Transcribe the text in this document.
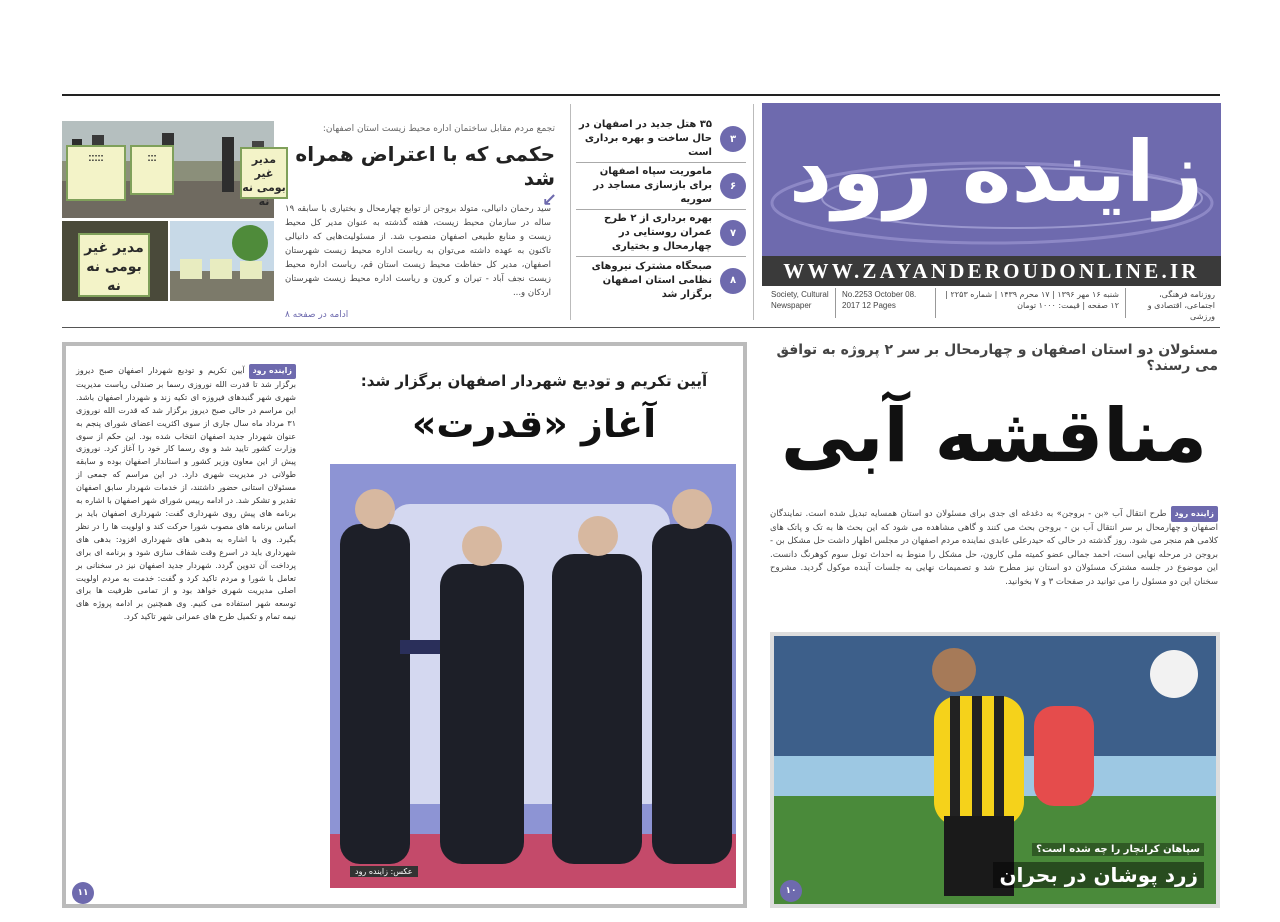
زاینده رود
WWW.ZAYANDEROUDONLINE.IR
روزنامه فرهنگی، اجتماعی، اقتصادی و ورزشی
شنبه ۱۶ مهر ۱۳۹۶ | ۱۷ محرم ۱۴۳۹ | شماره ۲۲۵۳ | ۱۲ صفحه | قیمت: ۱۰۰۰ تومان
No.2253 October 08. 2017 12 Pages
Society, Cultural Newspaper
۳
۳۵ هتل جدید در اصفهان در حال ساخت و بهره برداری است
۶
ماموریت سپاه اصفهان برای بازسازی مساجد در سوریه
۷
بهره برداری از ۲ طرح عمران روستایی در چهارمحال و بختیاری
۸
صبحگاه مشترک نیروهای نظامی استان اصفهان برگزار شد
تجمع مردم مقابل ساختمان اداره محیط زیست استان اصفهان:
حکمی که با اعتراض همراه شد
↙
سید رحمان دانیالی، متولد بروجن از توابع چهارمحال و بختیاری با سابقه ۱۹ ساله در سازمان محیط زیست، هفته گذشته به عنوان مدیر کل محیط زیست و منابع طبیعی اصفهان منصوب شد. از مسئولیت‌هایی که دانیالی تاکنون به عهده داشته می‌توان به ریاست اداره محیط زیست شهرستان اصفهان، مدیر کل حفاظت محیط زیست استان قم، ریاست اداره محیط زیست نجف آباد - تیران و کرون و ریاست اداره محیط زیست شهرستان اردکان و...
ادامه در صفحه ۸
⁚⁚⁚⁚⁚	⁚⁚⁚	مدیر غیر بومی نه نه
مدیر غیر بومی نه نه
مسئولان دو استان اصفهان و چهارمحال بر سر ۲ پروژه به توافق می رسند؟
مناقشه آبی
زاینده رودطرح انتقال آب «بن - بروجن» به دغدغه ای جدی برای مسئولان دو استان همسایه تبدیل شده است. نمایندگان اصفهان و چهارمحال بر سر انتقال آب بن - بروجن بحث می کنند و گاهی مشاهده می شود که این بحث ها به تک و پاتک های کلامی هم منجر می شود. روز گذشته در حالی که حیدرعلی عابدی نماینده مردم اصفهان در مجلس اظهار داشت حل مشکل بن - بروجن در مرحله نهایی است، احمد جمالی عضو کمیته ملی کارون، حل مشکل را منوط به احداث تونل سوم کوهرنگ دانست. این موضوع در جلسه مشترک مسئولان دو استان نیز مطرح شد و تصمیمات نهایی به جلسات آینده موکول گردید. مشروح سخنان این دو مسئول را می توانید در صفحات ۳ و ۷ بخوانید.
زاینده رودآیین تکریم و تودیع شهردار اصفهان صبح دیروز برگزار شد تا قدرت الله نوروزی رسما بر صندلی ریاست مدیریت شهری شهر گنبدهای فیروزه ای تکیه زند و شهردار اصفهان باشد. این مراسم در حالی صبح دیروز برگزار شد که قدرت الله نوروزی ۳۱ مرداد ماه سال جاری از سوی اکثریت اعضای شورای پنجم به عنوان شهردار جدید اصفهان انتخاب شده بود. این حکم از سوی وزارت کشور تایید شد و وی رسما کار خود را آغاز کرد. نوروزی پیش از این معاون وزیر کشور و استاندار اصفهان بوده و سابقه طولانی در مدیریت شهری دارد. در این مراسم که جمعی از مسئولان استانی حضور داشتند، از خدمات شهردار سابق اصفهان تقدیر و تشکر شد. در ادامه رییس شورای شهر اصفهان با اشاره به برنامه های پیش روی شهرداری گفت: شهرداری اصفهان باید بر اساس برنامه های مصوب شورا حرکت کند و اولویت ها را در نظر بگیرد. وی با اشاره به بدهی های شهرداری افزود: بدهی های شهرداری باید در اسرع وقت شفاف سازی شود و برنامه ای برای پرداخت آن تدوین گردد. شهردار جدید اصفهان نیز در سخنانی بر تعامل با شورا و مردم تاکید کرد و گفت: خدمت به مردم اولویت اصلی مدیریت شهری خواهد بود و از تمامی ظرفیت ها برای توسعه شهر استفاده می کنیم. وی همچنین بر ادامه پروژه های نیمه تمام و تکمیل طرح های عمرانی شهر تاکید کرد.
آیین تکریم و تودیع شهردار اصفهان برگزار شد:
آغاز «قدرت»
عکس: زاینده رود
۱۱
سپاهان کرانچار را چه شده است؟
زرد پوشان در بحران
۱۰
